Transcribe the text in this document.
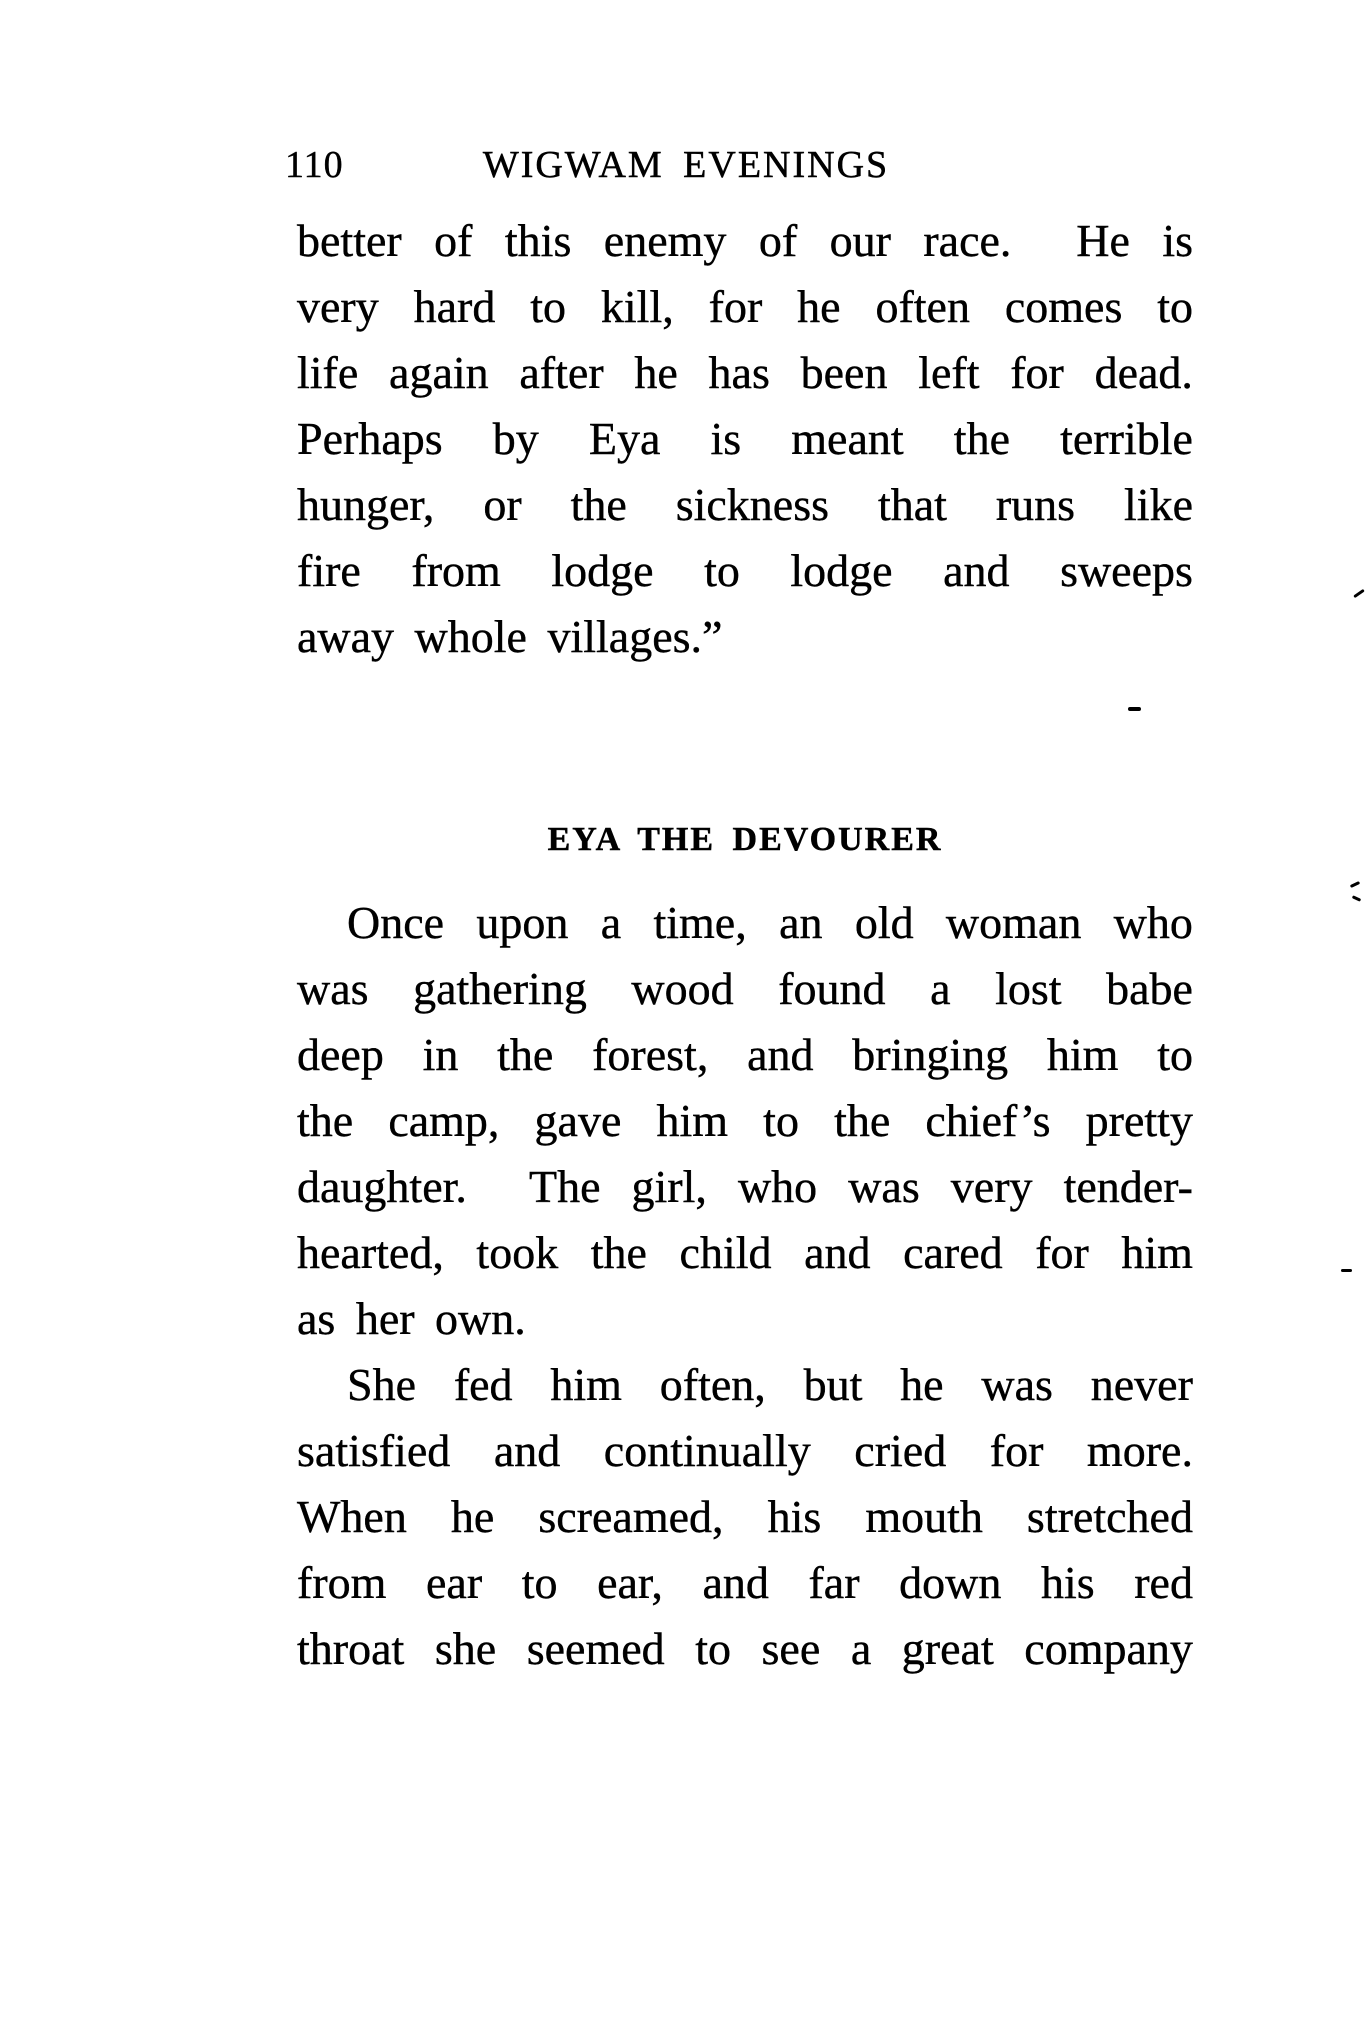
110	WIGWAM EVENINGS
better of this enemy of our race. He is
very hard to kill, for he often comes to
life again after he has been left for dead.
Perhaps by Eya is meant the terrible
hunger, or the sickness that runs like
fire from lodge to lodge and sweeps
away whole villages.”
EYA THE DEVOURER
Once upon a time, an old woman who
was gathering wood found a lost babe
deep in the forest, and bringing him to
the camp, gave him to the chief’s pretty
daughter. The girl, who was very tender-
hearted, took the child and cared for him
as her own.
She fed him often, but he was never
satisfied and continually cried for more.
When he screamed, his mouth stretched
from ear to ear, and far down his red
throat she seemed to see a great company
